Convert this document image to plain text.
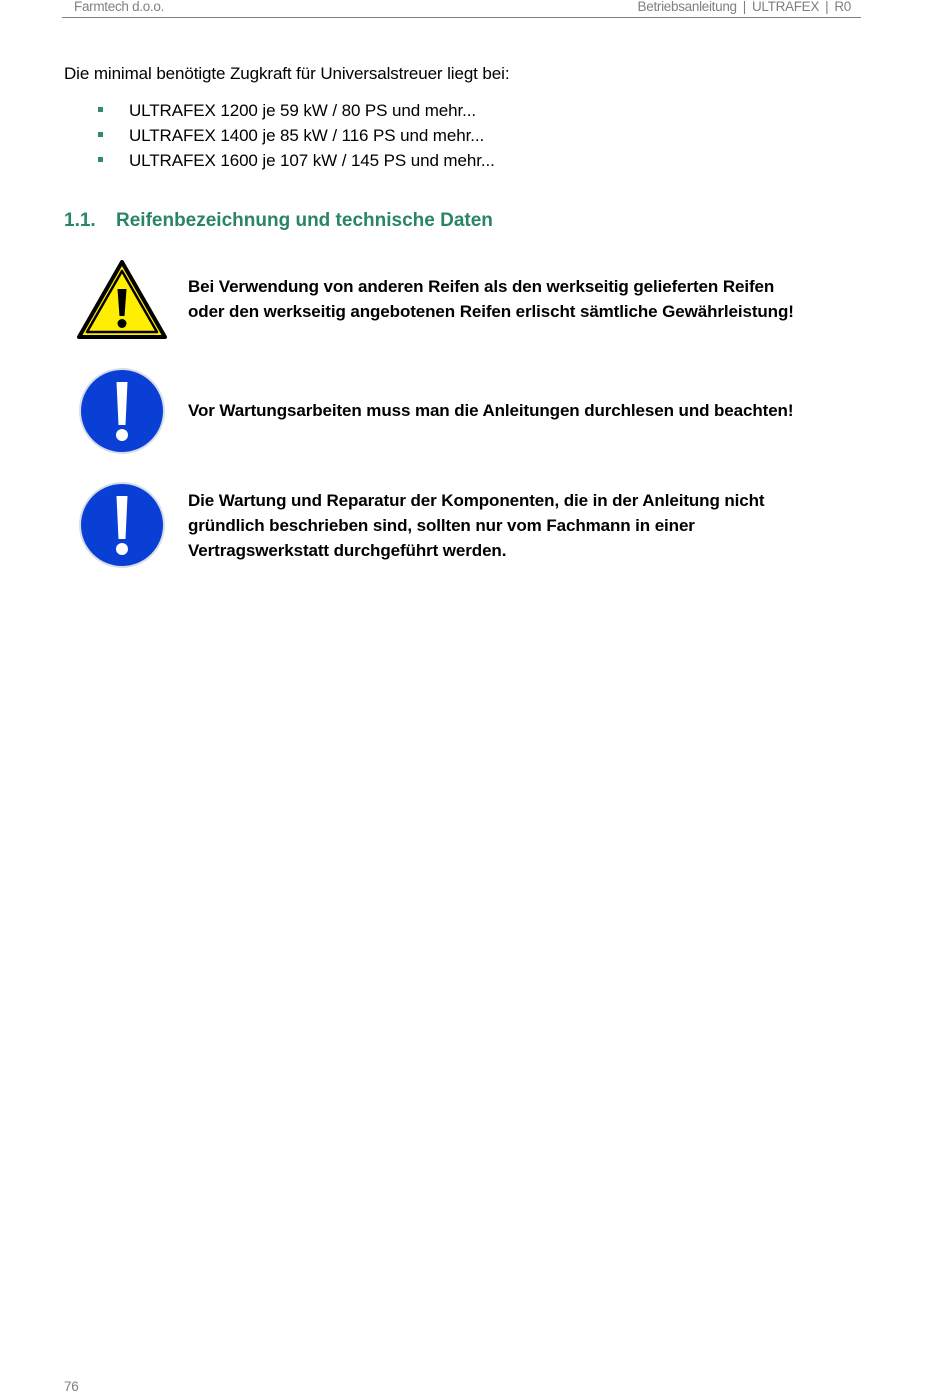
Farmtech d.o.o.	Betriebsanleitung | ULTRAFEX | R0
Die minimal benötigte Zugkraft für Universalstreuer liegt bei:
ULTRAFEX 1200 je 59 kW / 80 PS und mehr...
ULTRAFEX 1400 je 85 kW / 116 PS und mehr...
ULTRAFEX 1600 je 107 kW / 145 PS und mehr...
1.1. Reifenbezeichnung und technische Daten
Bei Verwendung von anderen Reifen als den werkseitig gelieferten Reifen
oder den werkseitig angebotenen Reifen erlischt sämtliche Gewährleistung!
Vor Wartungsarbeiten muss man die Anleitungen durchlesen und beachten!
Die Wartung und Reparatur der Komponenten, die in der Anleitung nicht
gründlich beschrieben sind, sollten nur vom Fachmann in einer
Vertragswerkstatt durchgeführt werden.
76
